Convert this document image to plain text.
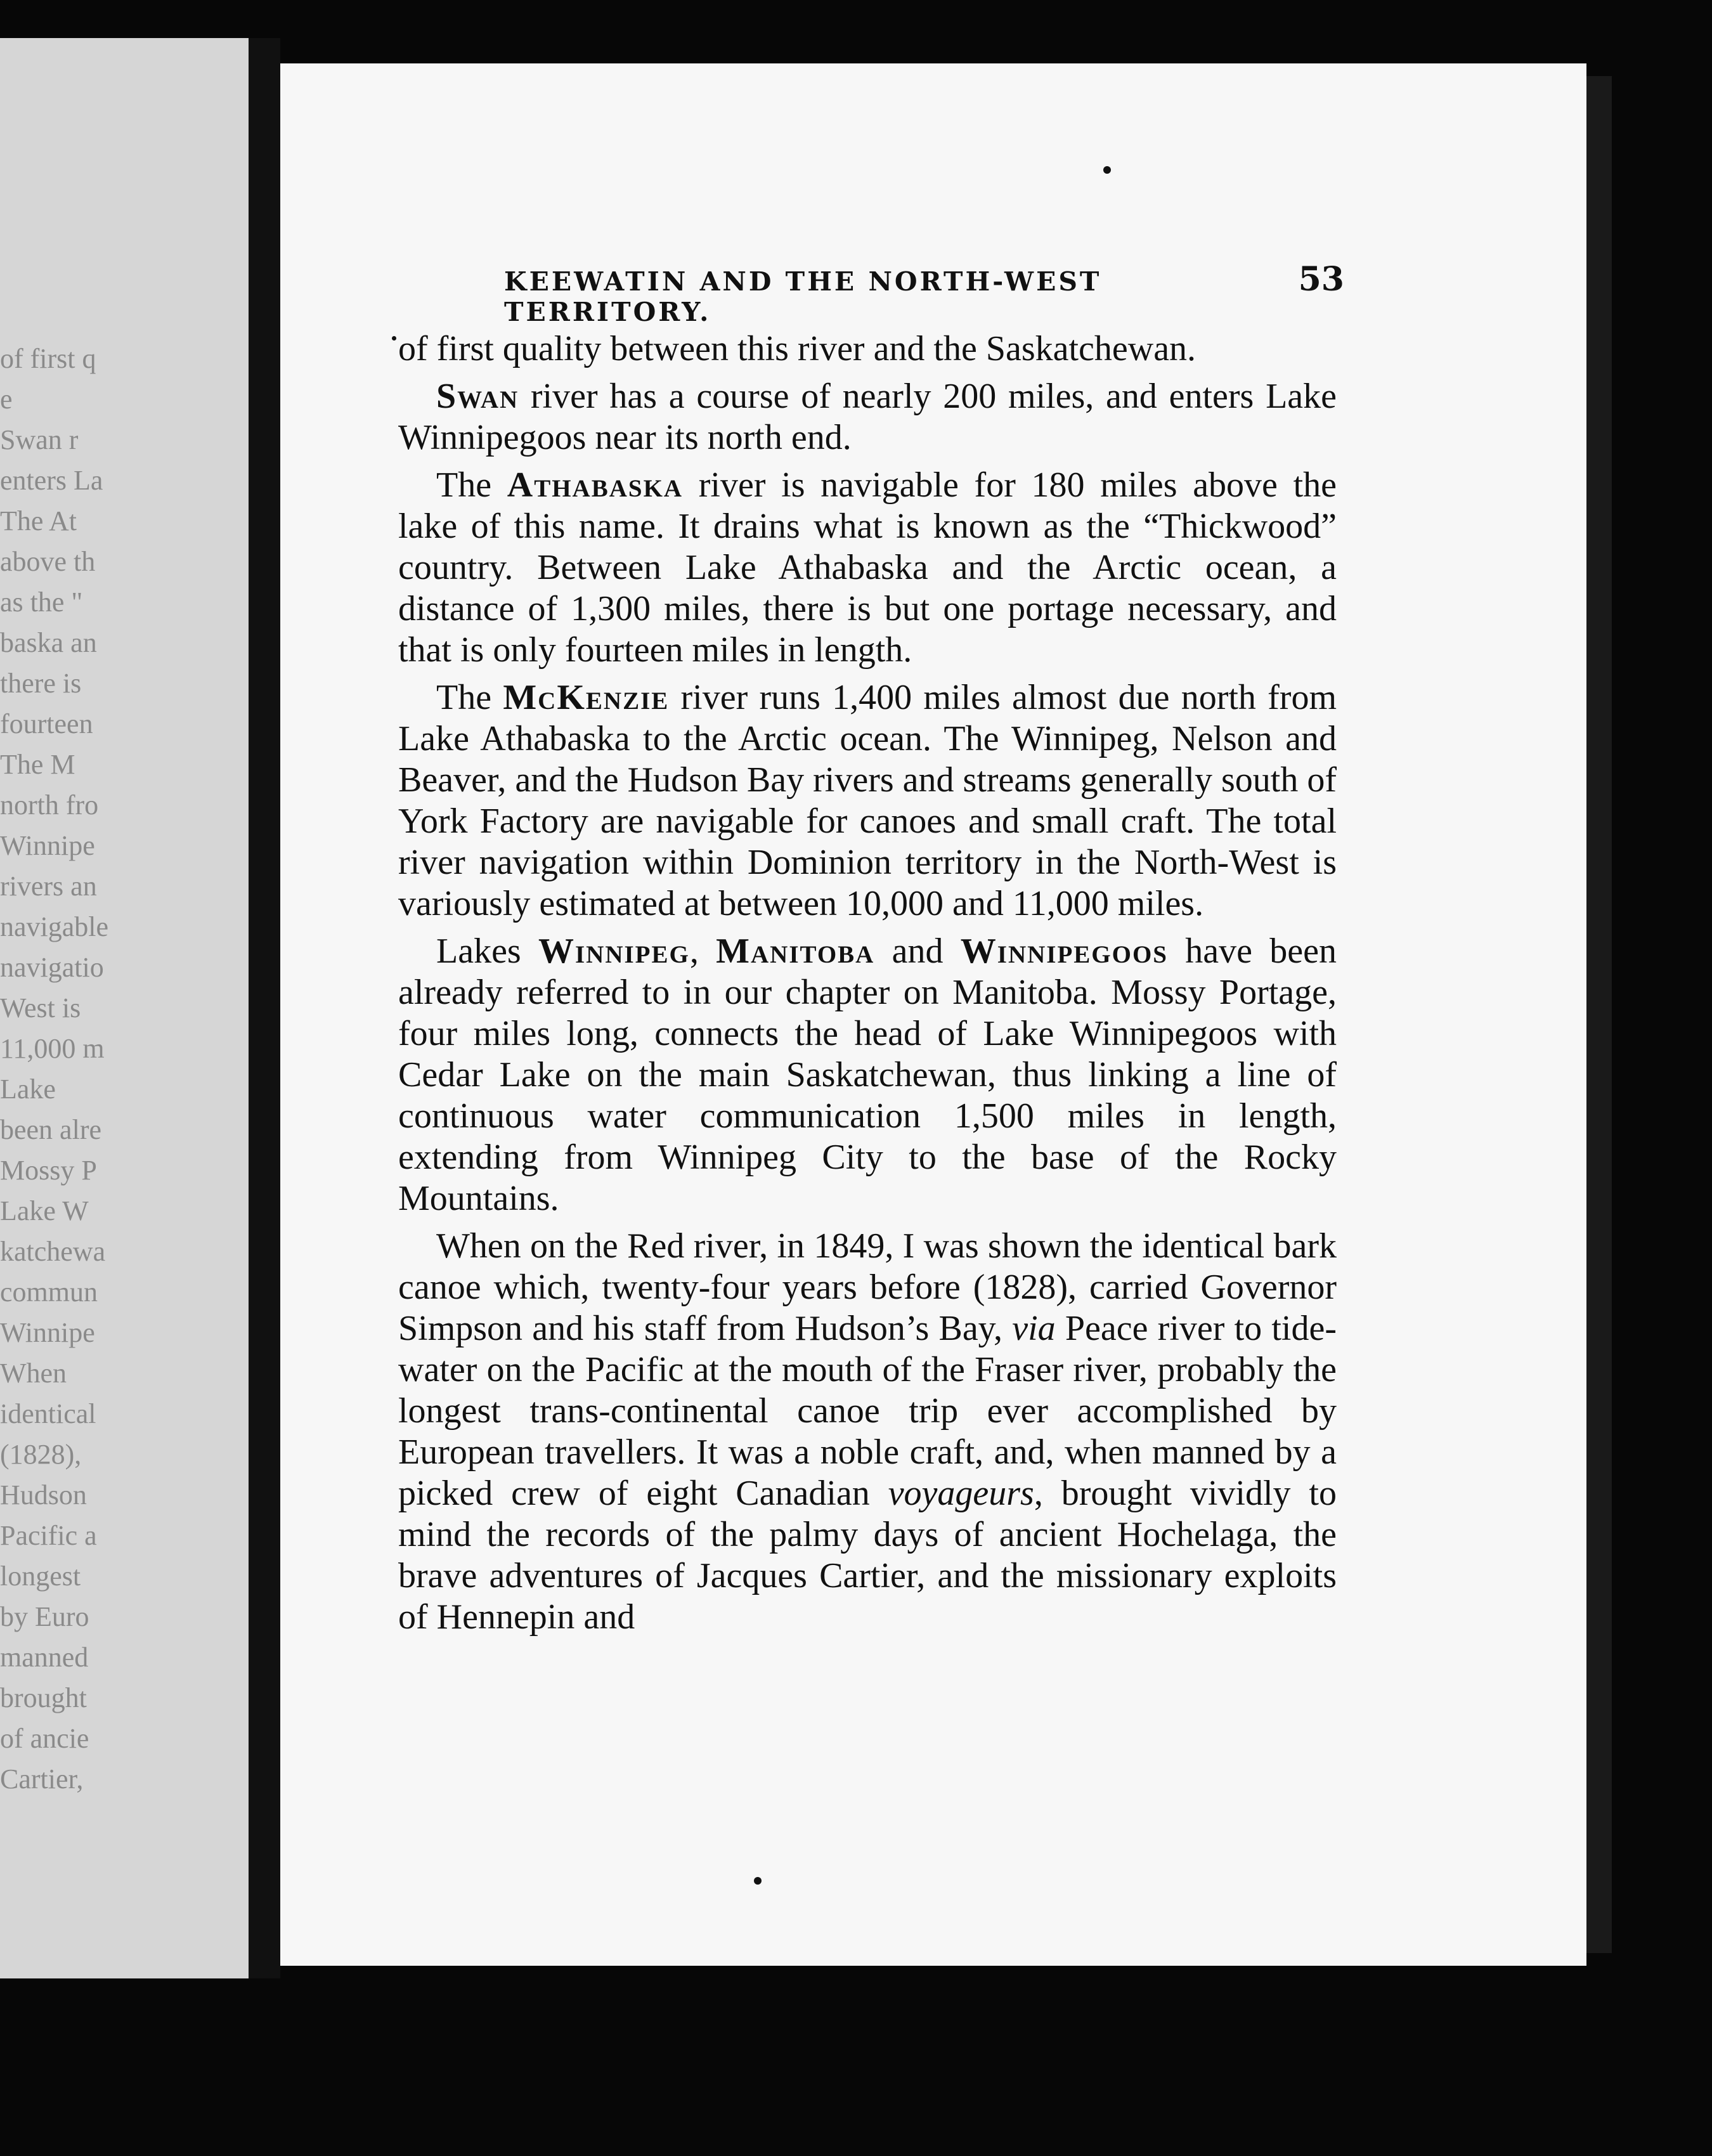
of first q
e
Swan r
enters La
The At
above th
as the "
baska an
there is
fourteen
The M
north fro
Winnipe
rivers an
navigable
navigatio
West is
11,000 m
Lake
been alre
Mossy P
Lake W
katchewa
commun
Winnipe
When
identical
(1828),
Hudson
Pacific a
longest
by Euro
manned
brought
of ancie
Cartier,
KEEWATIN AND THE NORTH-WEST TERRITORY.
53

of first quality between this river and the Saskatchewan.

Swan river has a course of nearly 200 miles, and enters Lake Winnipegoos near its north end.

The Athabaska river is navigable for 180 miles above the lake of this name. It drains what is known as the “Thickwood” country. Between Lake Athabaska and the Arctic ocean, a distance of 1,300 miles, there is but one portage necessary, and that is only fourteen miles in length.

The McKenzie river runs 1,400 miles almost due north from Lake Athabaska to the Arctic ocean. The Winnipeg, Nelson and Beaver, and the Hudson Bay rivers and streams generally south of York Factory are navigable for canoes and small craft. The total river navigation within Dominion territory in the North-West is variously estimated at between 10,000 and 11,000 miles.

Lakes Winnipeg, Manitoba and Winnipegoos have been already referred to in our chapter on Manitoba. Mossy Portage, four miles long, connects the head of Lake Winnipegoos with Cedar Lake on the main Saskatchewan, thus linking a line of continuous water communication 1,500 miles in length, extending from Winnipeg City to the base of the Rocky Mountains.

When on the Red river, in 1849, I was shown the identical bark canoe which, twenty-four years before (1828), carried Governor Simpson and his staff from Hudson’s Bay, via Peace river to tide-water on the Pacific at the mouth of the Fraser river, probably the longest trans-continental canoe trip ever accomplished by European travellers. It was a noble craft, and, when manned by a picked crew of eight Canadian voyageurs, brought vividly to mind the records of the palmy days of ancient Hochelaga, the brave adventures of Jacques Cartier, and the missionary exploits of Hennepin and
